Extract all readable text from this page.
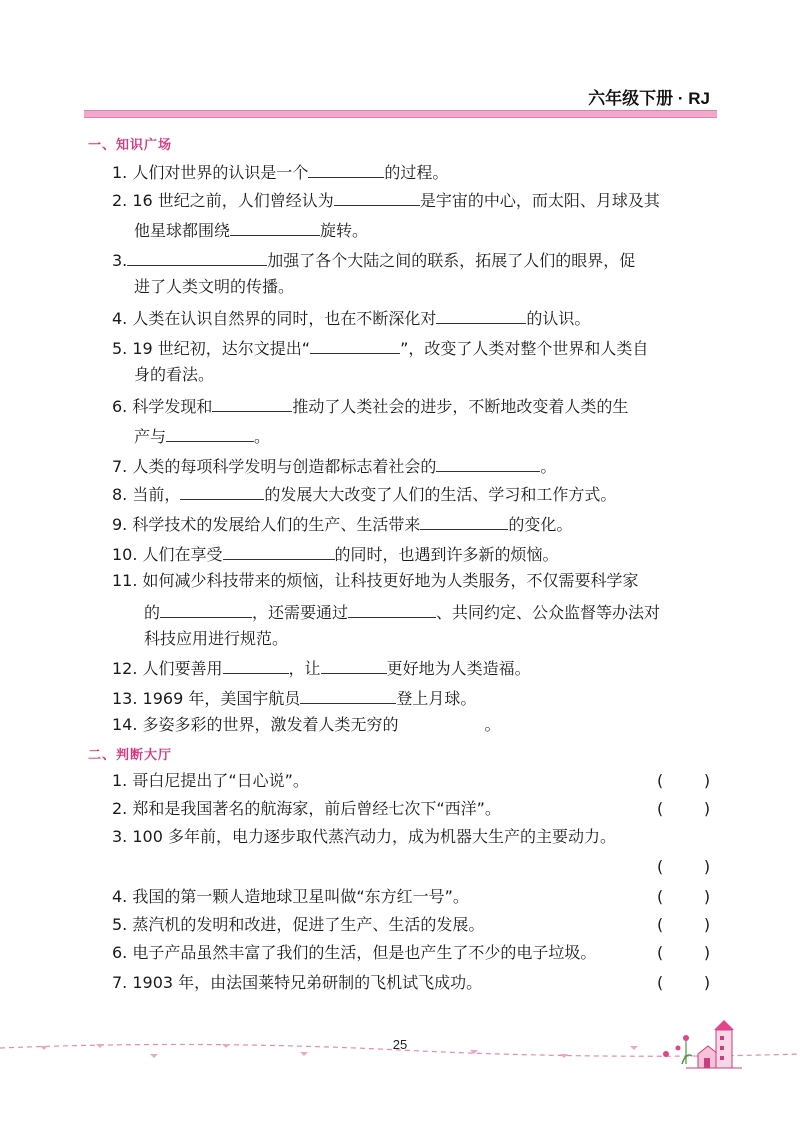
六年级下册 · RJ
一、知识广场
1. 人们对世界的认识是一个	的过程。
2. 16 世纪之前，人们曾经认为	是宇宙的中心，而太阳、月球及其
他星球都围绕	旋转。
3.	加强了各个大陆之间的联系，拓展了人们的眼界，促
进了人类文明的传播。
4. 人类在认识自然界的同时，也在不断深化对	的认识。
5. 19 世纪初，达尔文提出“	”，改变了人类对整个世界和人类自
身的看法。
6. 科学发现和	推动了人类社会的进步，不断地改变着人类的生
产与	。
7. 人类的每项科学发明与创造都标志着社会的	。
8. 当前，	的发展大大改变了人们的生活、学习和工作方式。
9. 科学技术的发展给人们的生产、生活带来	的变化。
10. 人们在享受	的同时，也遇到许多新的烦恼。
11. 如何减少科技带来的烦恼，让科技更好地为人类服务，不仅需要科学家
的	，还需要通过	、共同约定、公众监督等办法对
科技应用进行规范。
12. 人们要善用	，让	更好地为人类造福。
13. 1969 年，美国宇航员	登上月球。
14. 多姿多彩的世界，激发着人类无穷的	。
二、判断大厅
1. 哥白尼提出了“日心说”。	(        )
2. 郑和是我国著名的航海家，前后曾经七次下“西洋”。	(        )
3. 100 多年前，电力逐步取代蒸汽动力，成为机器大生产的主要动力。
(        )
4. 我国的第一颗人造地球卫星叫做“东方红一号”。	(        )
5. 蒸汽机的发明和改进，促进了生产、生活的发展。	(        )
6. 电子产品虽然丰富了我们的生活，但是也产生了不少的电子垃圾。	(        )
7. 1903 年，由法国莱特兄弟研制的飞机试飞成功。	(        )
25
